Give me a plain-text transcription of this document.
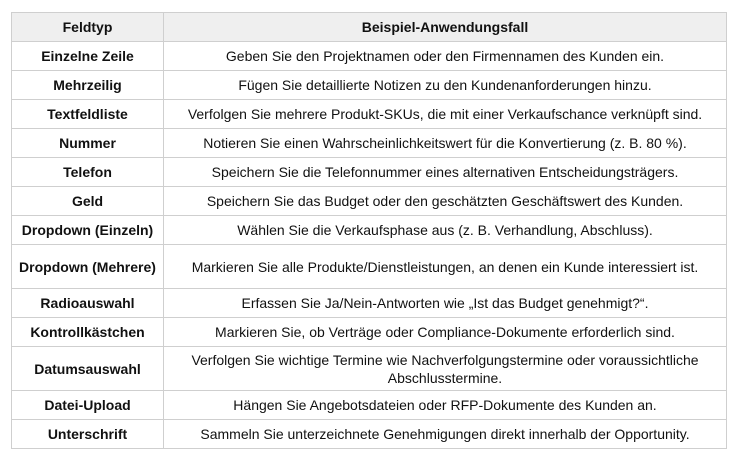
Feldtyp	Beispiel-Anwendungsfall
Einzelne Zeile	Geben Sie den Projektnamen oder den Firmennamen des Kunden ein.
Mehrzeilig	Fügen Sie detaillierte Notizen zu den Kundenanforderungen hinzu.
Textfeldliste	Verfolgen Sie mehrere Produkt-SKUs, die mit einer Verkaufschance verknüpft sind.
Nummer	Notieren Sie einen Wahrscheinlichkeitswert für die Konvertierung (z. B. 80 %).
Telefon	Speichern Sie die Telefonnummer eines alternativen Entscheidungsträgers.
Geld	Speichern Sie das Budget oder den geschätzten Geschäftswert des Kunden.
Dropdown (Einzeln)	Wählen Sie die Verkaufsphase aus (z. B. Verhandlung, Abschluss).
Dropdown (Mehrere)	Markieren Sie alle Produkte/Dienstleistungen, an denen ein Kunde interessiert ist.
Radioauswahl	Erfassen Sie Ja/Nein-Antworten wie „Ist das Budget genehmigt?“.
Kontrollkästchen	Markieren Sie, ob Verträge oder Compliance-Dokumente erforderlich sind.
Datumsauswahl	Verfolgen Sie wichtige Termine wie Nachverfolgungstermine oder voraussichtliche Abschlusstermine.
Datei-Upload	Hängen Sie Angebotsdateien oder RFP-Dokumente des Kunden an.
Unterschrift	Sammeln Sie unterzeichnete Genehmigungen direkt innerhalb der Opportunity.
